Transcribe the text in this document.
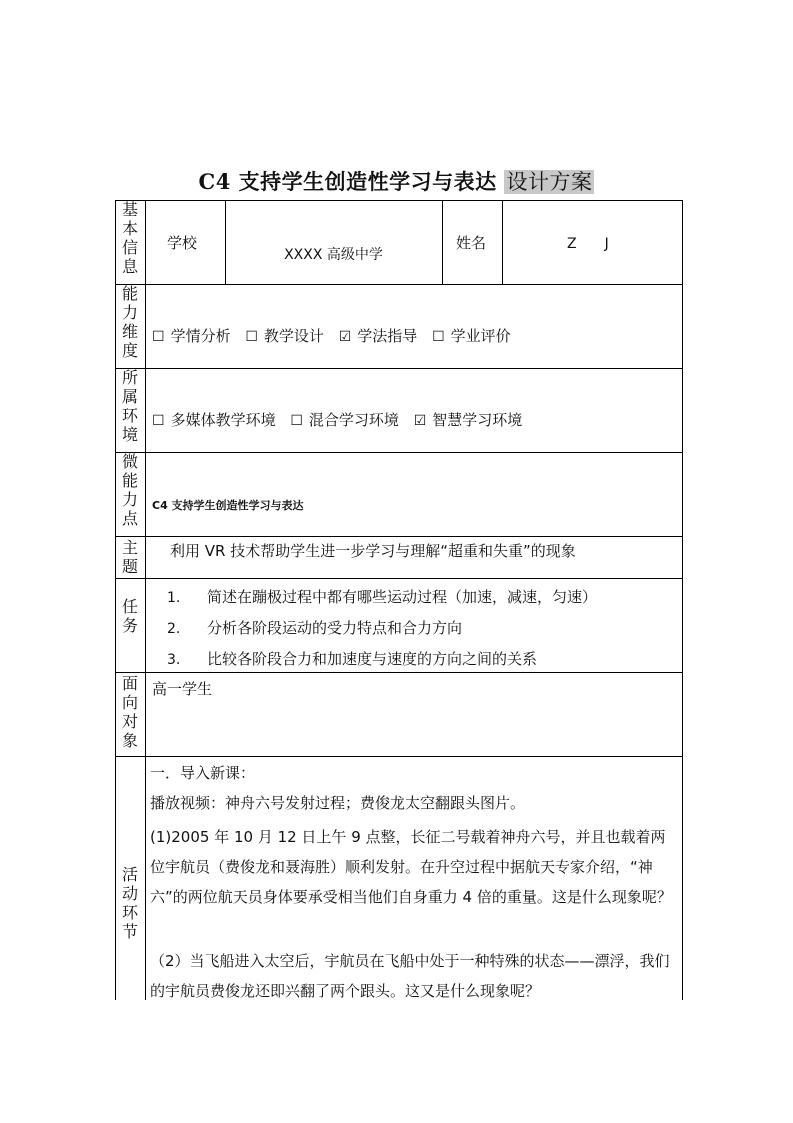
C4 支持学生创造性学习与表达 设计方案
基本信息
学校
XXXX 高级中学
姓名	Z　　J
能力维度
☐ 学情分析 ☐ 教学设计 ☑ 学法指导 ☐ 学业评价
所属环境
☐ 多媒体教学环境 ☐ 混合学习环境 ☑ 智慧学习环境
微能力点
C4 支持学生创造性学习与表达
主题
利用 VR 技术帮助学生进一步学习与理解“超重和失重”的现象
任务
1. 简述在蹦极过程中都有哪些运动过程（加速，减速，匀速）
2. 分析各阶段运动的受力特点和合力方向
3. 比较各阶段合力和加速度与速度的方向之间的关系
面向对象
高一学生
活动环节
一．导入新课：
播放视频：神舟六号发射过程；费俊龙太空翻跟头图片。
(1)2005 年 10 月 12 日上午 9 点整，长征二号载着神舟六号，并且也载着两位宇航员（费俊龙和聂海胜）顺利发射。在升空过程中据航天专家介绍，“神六”的两位航天员身体要承受相当他们自身重力 4 倍的重量。这是什么现象呢？
（2）当飞船进入太空后，宇航员在飞船中处于一种特殊的状态——漂浮，我们的宇航员费俊龙还即兴翻了两个跟头。这又是什么现象呢？
